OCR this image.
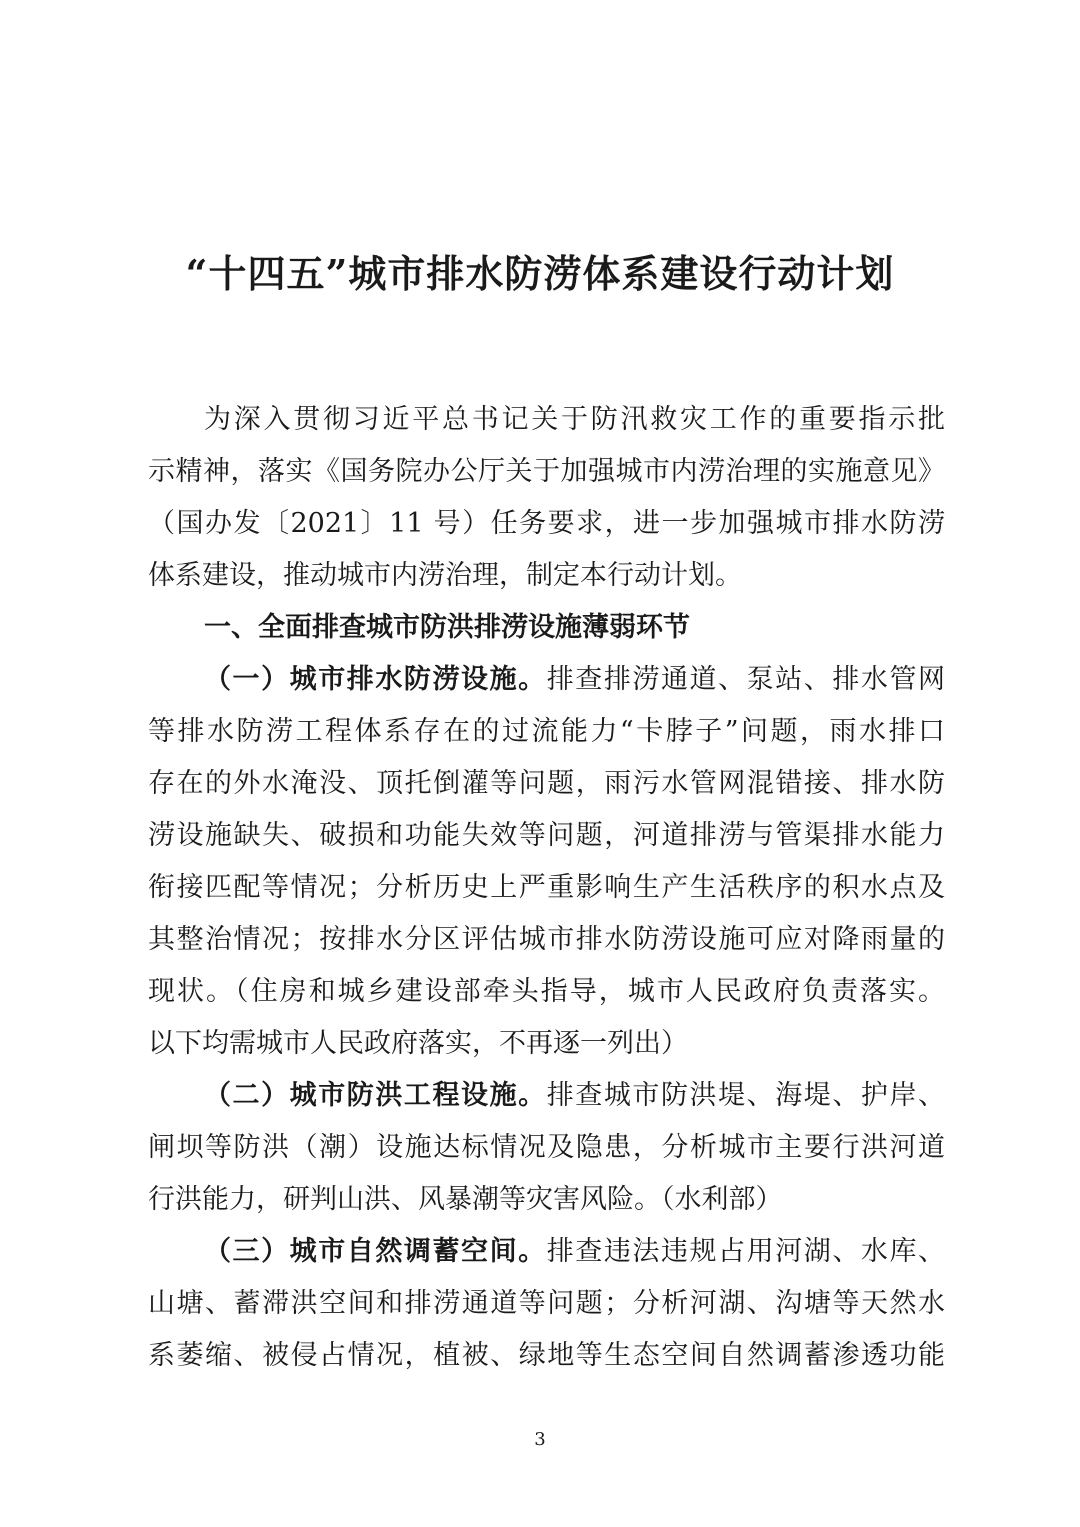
“十四五”城市排水防涝体系建设行动计划
为深入贯彻习近平总书记关于防汛救灾工作的重要指示批
示精神，落实《国务院办公厅关于加强城市内涝治理的实施意见》
（国办发〔2021〕11 号）任务要求，进一步加强城市排水防涝
体系建设，推动城市内涝治理，制定本行动计划。
一、全面排查城市防洪排涝设施薄弱环节
（一）城市排水防涝设施。排查排涝通道、泵站、排水管网
等排水防涝工程体系存在的过流能力“卡脖子”问题，雨水排口
存在的外水淹没、顶托倒灌等问题，雨污水管网混错接、排水防
涝设施缺失、破损和功能失效等问题，河道排涝与管渠排水能力
衔接匹配等情况；分析历史上严重影响生产生活秩序的积水点及
其整治情况；按排水分区评估城市排水防涝设施可应对降雨量的
现状。（住房和城乡建设部牵头指导，城市人民政府负责落实。
以下均需城市人民政府落实，不再逐一列出）
（二）城市防洪工程设施。排查城市防洪堤、海堤、护岸、
闸坝等防洪（潮）设施达标情况及隐患，分析城市主要行洪河道
行洪能力，研判山洪、风暴潮等灾害风险。（水利部）
（三）城市自然调蓄空间。排查违法违规占用河湖、水库、
山塘、蓄滞洪空间和排涝通道等问题；分析河湖、沟塘等天然水
系萎缩、被侵占情况，植被、绿地等生态空间自然调蓄渗透功能
3
